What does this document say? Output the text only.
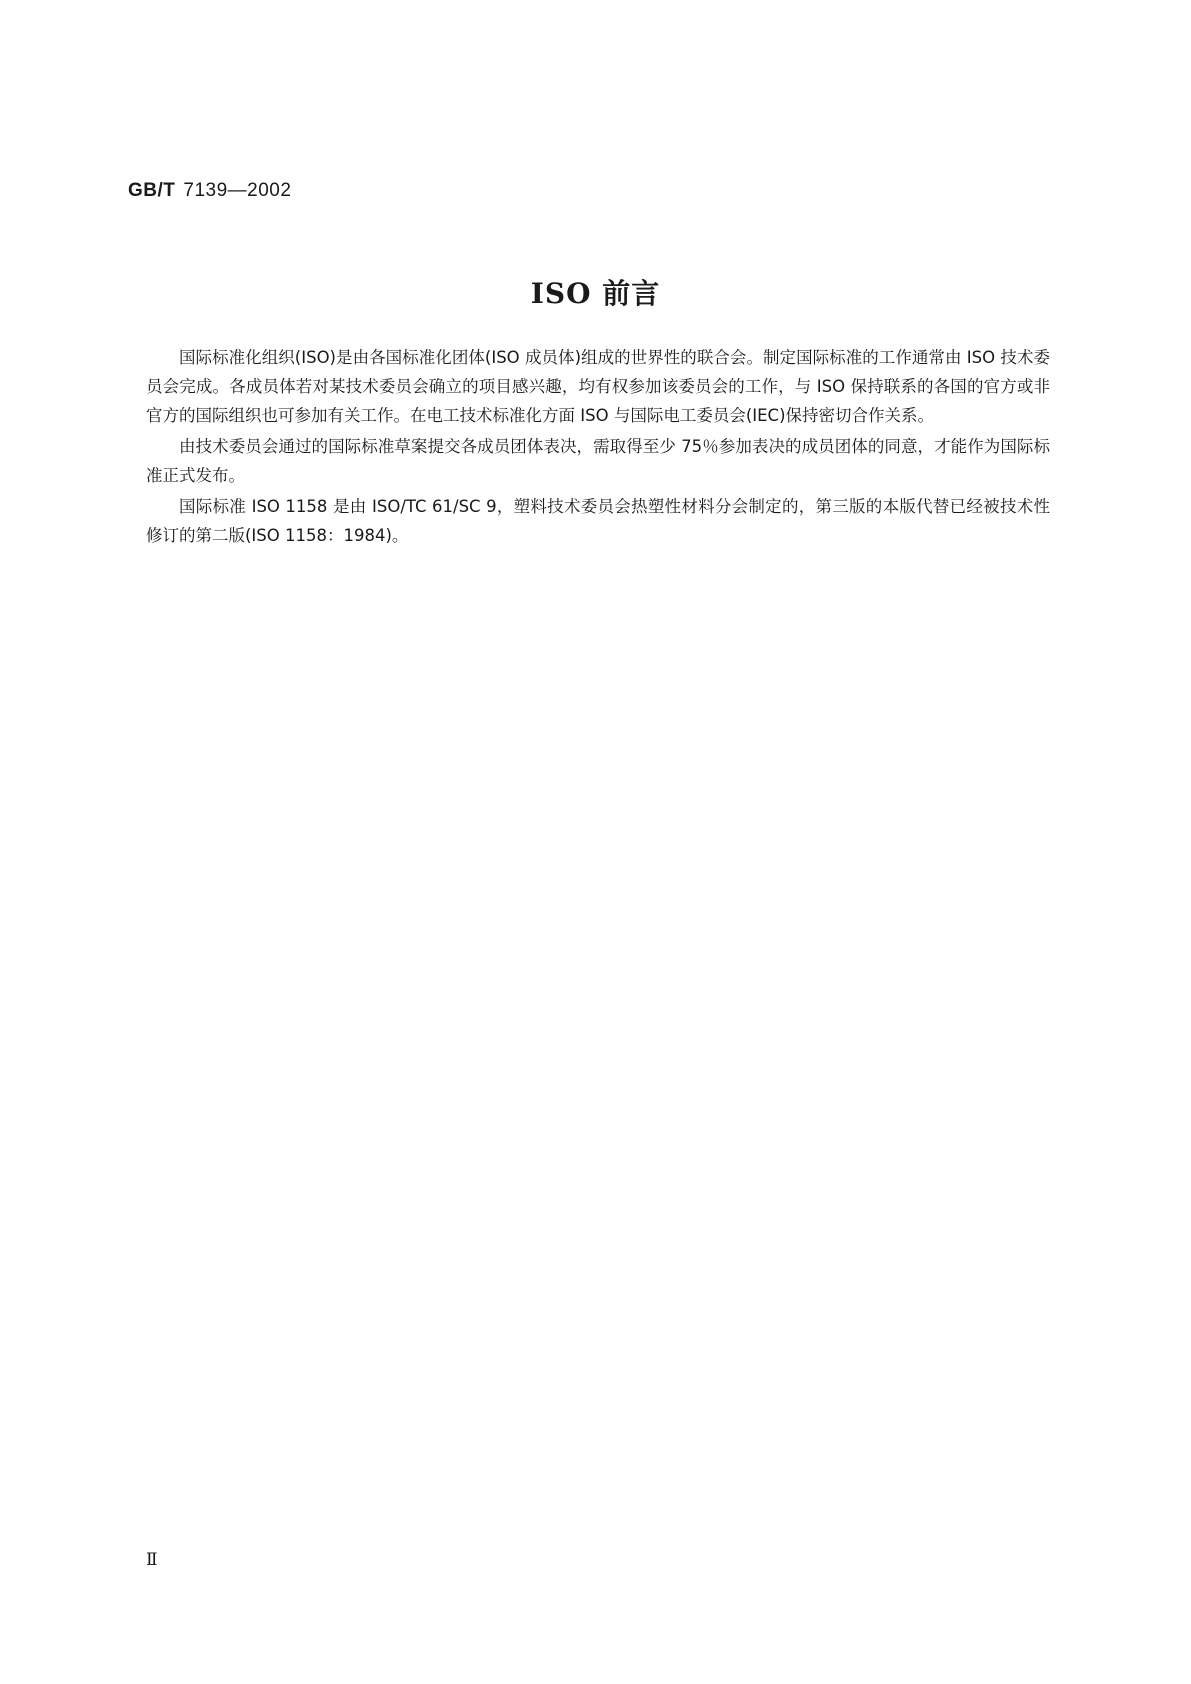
GB/T 7139—2002
ISO 前言

国际标准化组织(ISO)是由各国标准化团体(ISO 成员体)组成的世界性的联合会。制定国际标准的工作通常由 ISO 技术委员会完成。各成员体若对某技术委员会确立的项目感兴趣，均有权参加该委员会的工作，与 ISO 保持联系的各国的官方或非官方的国际组织也可参加有关工作。在电工技术标准化方面 ISO 与国际电工委员会(IEC)保持密切合作关系。

由技术委员会通过的国际标准草案提交各成员团体表决，需取得至少 75％参加表决的成员团体的同意，才能作为国际标准正式发布。

国际标准 ISO 1158 是由 ISO/TC 61/SC 9，塑料技术委员会热塑性材料分会制定的，第三版的本版代替已经被技术性修订的第二版(ISO 1158：1984)。

Ⅱ
